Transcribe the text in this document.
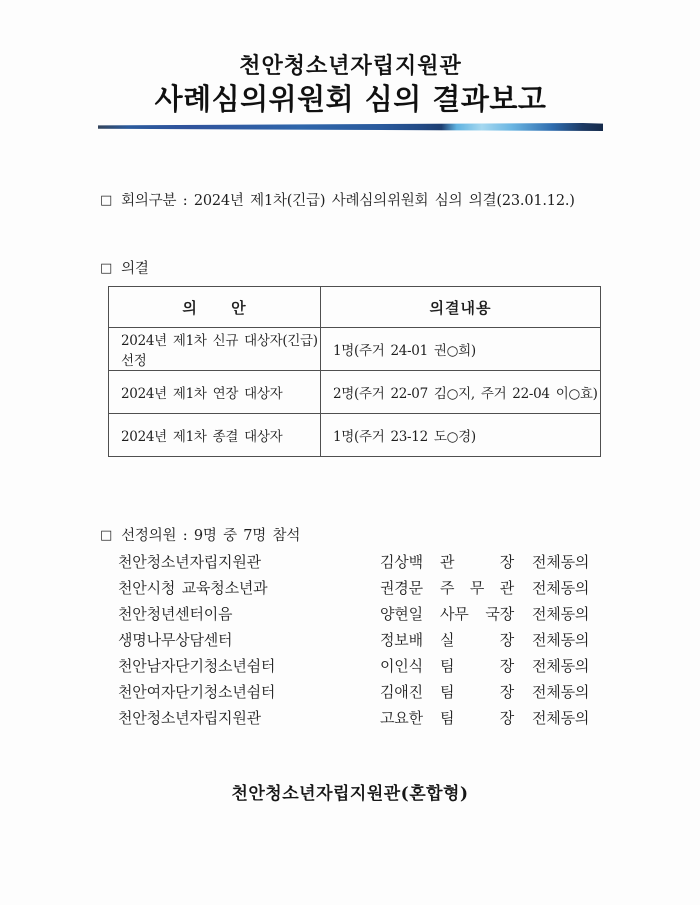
천안청소년자립지원관
사례심의위원회 심의 결과보고
□ 회의구분 : 2024년 제1차(긴급) 사례심의위원회 심의 의결(23.01.12.)
□ 의결
의 안	의결내용
2024년 제1차 신규 대상자(긴급) 선정	1명(주거 24-01 권○희)
2024년 제1차 연장 대상자	2명(주거 22-07 김○지, 주거 22-04 이○효)
2024년 제1차 종결 대상자	1명(주거 23-12 도○경)
□ 선정의원 : 9명 중 7명 참석
천안청소년자립지원관	김상백	관 장 전체동의
천안시청 교육청소년과	권경문	주 무 관 전체동의
천안청년센터이음	양현일	사무 국장 전체동의
생명나무상담센터	정보배	실 장 전체동의
천안남자단기청소년쉼터	이인식	팀 장 전체동의
천안여자단기청소년쉼터	김애진	팀 장 전체동의
천안청소년자립지원관	고요한	팀 장 전체동의
천안청소년자립지원관(혼합형)
